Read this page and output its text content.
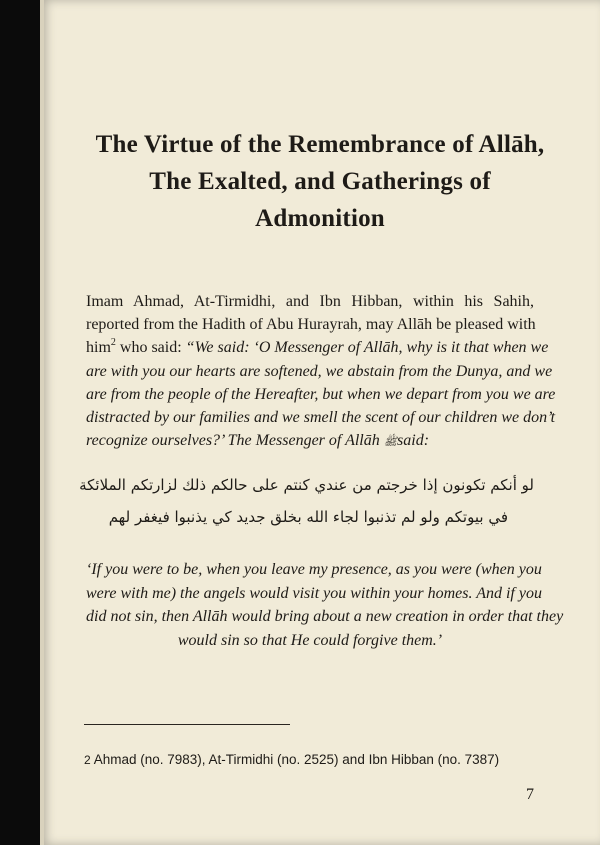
The Virtue of the Remembrance of Allāh,
The Exalted, and Gatherings of
Admonition
Imam Ahmad, At-Tirmidhi, and Ibn Hibban, within his Sahih,
reported from the Hadith of Abu Hurayrah, may Allāh be pleased with
him$^2$ who said: “We said: ‘O Messenger of Allāh, why is it that when we
are with you our hearts are softened, we abstain from the Dunya, and we
are from the people of the Hereafter, but when we depart from you we are
distracted by our families and we smell the scent of our children we don’t
recognize ourselves?’ The Messenger of Allāh ﷺsaid:
لو أنكم تكونون إذا خرجتم من عندي كنتم على حالكم ذلك لزارتكم الملائكة
في بيوتكم ولو لم تذنبوا لجاء الله بخلق جديد كي يذنبوا فيغفر لهم
‘If you were to be, when you leave my presence, as you were (when you
were with me) the angels would visit you within your homes. And if you
did not sin, then Allāh would bring about a new creation in order that they
would sin so that He could forgive them.’
2 Ahmad (no. 7983), At-Tirmidhi (no. 2525) and Ibn Hibban (no. 7387)
7
